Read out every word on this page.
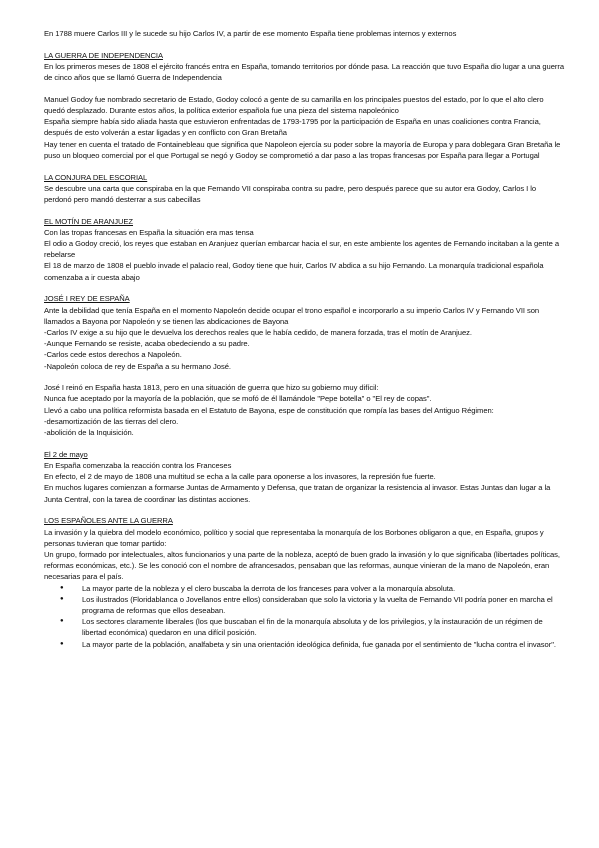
En 1788 muere Carlos III y le sucede su hijo Carlos IV, a partir de ese momento España tiene problemas internos y externos

LA GUERRA DE INDEPENDENCIA

En los primeros meses de 1808 el ejército francés entra en España, tomando territorios por dónde pasa. La reacción que tuvo España dio lugar a una guerra de cinco años que se llamó Guerra de Independencia

Manuel Godoy fue nombrado secretario de Estado, Godoy colocó a gente de su camarilla en los principales puestos del estado, por lo que el alto clero quedó desplazado. Durante estos años, la política exterior española fue una pieza del sistema napoleónico

España siempre había sido aliada hasta que estuvieron enfrentadas de 1793-1795 por la participación de España en unas coaliciones contra Francia, después de esto volverán a estar ligadas y en conflicto con Gran Bretaña

Hay tener en cuenta el tratado de Fontainebleau que significa que Napoleon ejercía su poder sobre la mayoría de Europa y para doblegara Gran Bretaña le puso un bloqueo comercial por el que Portugal se negó y Godoy se comprometió a dar paso a las tropas francesas por España para llegar a Portugal

LA CONJURA DEL ESCORIAL

Se descubre una carta que conspiraba en la que Fernando VII conspiraba contra su padre, pero después parece que su autor era Godoy, Carlos I lo perdonó pero mandó desterrar a sus cabecillas

EL MOTÍN DE ARANJUEZ

Con las tropas francesas en España la situación era mas tensa

El odio a Godoy creció, los reyes que estaban en Aranjuez querían embarcar hacia el sur, en este ambiente los agentes de Fernando incitaban a la gente a rebelarse

El 18 de marzo de 1808 el pueblo invade el palacio real, Godoy tiene que huir, Carlos IV abdica a su hijo Fernando. La monarquía tradicional española comenzaba a ir cuesta abajo

JOSÉ I REY DE ESPAÑA

Ante la debilidad que tenía España en el momento Napoleón decide ocupar el trono español e incorporarlo a su imperio Carlos IV y Fernando VII son llamados a Bayona por Napoleón y se tienen las abdicaciones de Bayona

-Carlos IV exige a su hijo que le devuelva los derechos reales que le había cedido, de manera forzada, tras el motín de Aranjuez.

-Aunque Fernando se resiste, acaba obedeciendo a su padre.

-Carlos cede estos derechos a Napoleón.

-Napoleón coloca de rey de España a su hermano José.

José I reinó en España hasta 1813, pero en una situación de guerra que hizo su gobierno muy difícil:

Nunca fue aceptado por la mayoría de la población, que se mofó de él llamándole "Pepe botella" o "El rey de copas".

Llevó a cabo una política reformista basada en el Estatuto de Bayona, espe de constitución que rompía las bases del Antiguo Régimen:

-desamortización de las tierras del clero.

-abolición de la Inquisición.

El 2 de mayo

En España comenzaba la reacción contra los Franceses

En efecto, el 2 de mayo de 1808 una multitud se echa a la calle para oponerse a los invasores, la represión fue fuerte.

En muchos lugares comienzan a formarse Juntas de Armamento y Defensa, que tratan de organizar la resistencia al invasor. Estas Juntas dan lugar a la Junta Central, con la tarea de coordinar las distintas acciones.

LOS ESPAÑOLES ANTE LA GUERRA

La invasión y la quiebra del modelo económico, político y social que representaba la monarquía de los Borbones obligaron a que, en España, grupos y personas tuvieran que tomar partido:

Un grupo, formado por intelectuales, altos funcionarios y una parte de la nobleza, aceptó de buen grado la invasión y lo que significaba (libertades políticas, reformas económicas, etc.). Se les conoció con el nombre de afrancesados, pensaban que las reformas, aunque vinieran de la mano de Napoleón, eran necesarias para el país.

● La mayor parte de la nobleza y el clero buscaba la derrota de los franceses para volver a la monarquía absoluta.
● Los ilustrados (Floridablanca o Jovellanos entre ellos) consideraban que solo la victoria y la vuelta de Fernando VII podría poner en marcha el programa de reformas que ellos deseaban.
● Los sectores claramente liberales (los que buscaban el fin de la monarquía absoluta y de los privilegios, y la instauración de un régimen de libertad económica) quedaron en una difícil posición.
● La mayor parte de la población, analfabeta y sin una orientación ideológica definida, fue ganada por el sentimiento de "lucha contra el invasor".
